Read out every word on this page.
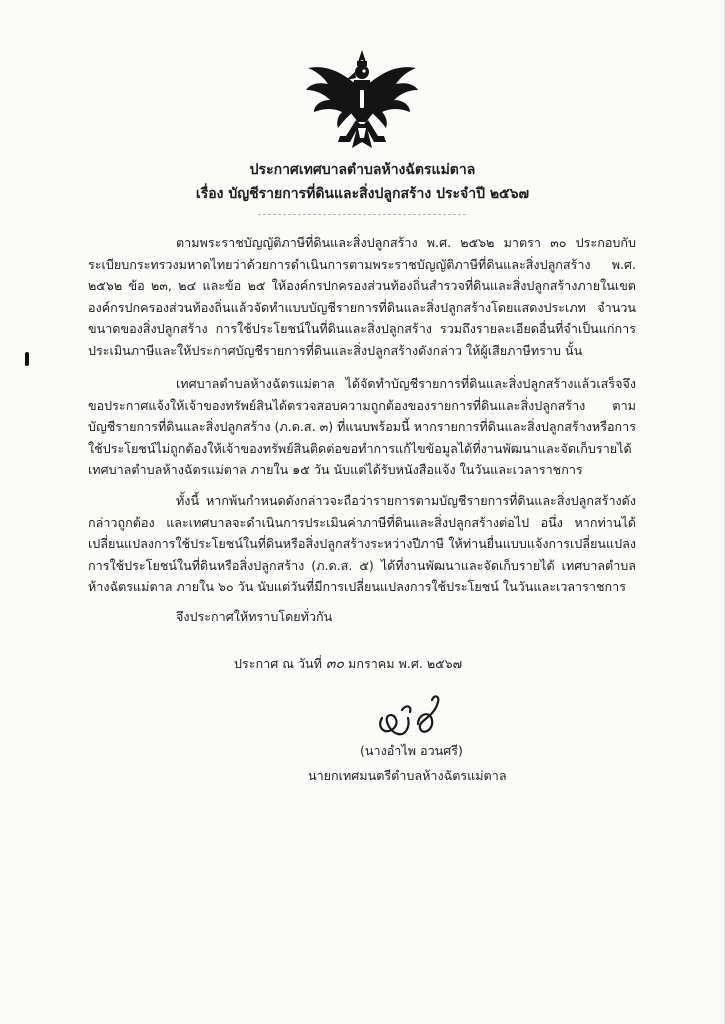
ประกาศเทศบาลตำบลห้างฉัตรแม่ตาล
เรื่อง บัญชีรายการที่ดินและสิ่งปลูกสร้าง ประจำปี ๒๕๖๗

ตามพระราชบัญญัติภาษีที่ดินและสิ่งปลูกสร้าง พ.ศ. ๒๕๖๒ มาตรา ๓๐ ประกอบกับระเบียบกระทรวงมหาดไทยว่าด้วยการดำเนินการตามพระราชบัญญัติภาษีที่ดินและสิ่งปลูกสร้าง พ.ศ. ๒๕๖๒ ข้อ ๒๓, ๒๔ และข้อ ๒๕ ให้องค์กรปกครองส่วนท้องถิ่นสำรวจที่ดินและสิ่งปลูกสร้างภายในเขตองค์กรปกครองส่วนท้องถิ่นแล้วจัดทำแบบบัญชีรายการที่ดินและสิ่งปลูกสร้างโดยแสดงประเภท จำนวน ขนาดของสิ่งปลูกสร้าง การใช้ประโยชน์ในที่ดินและสิ่งปลูกสร้าง รวมถึงรายละเอียดอื่นที่จำเป็นแก่การประเมินภาษีและให้ประกาศบัญชีรายการที่ดินและสิ่งปลูกสร้างดังกล่าว ให้ผู้เสียภาษีทราบ นั้น

เทศบาลตำบลห้างฉัตรแม่ตาล ได้จัดทำบัญชีรายการที่ดินและสิ่งปลูกสร้างแล้วเสร็จจึงขอประกาศแจ้งให้เจ้าของทรัพย์สินได้ตรวจสอบความถูกต้องของรายการที่ดินและสิ่งปลูกสร้าง ตามบัญชีรายการที่ดินและสิ่งปลูกสร้าง (ภ.ด.ส. ๓) ที่แนบพร้อมนี้ หากรายการที่ดินและสิ่งปลูกสร้างหรือการใช้ประโยชน์ไม่ถูกต้องให้เจ้าของทรัพย์สินติดต่อขอทำการแก้ไขข้อมูลได้ที่งานพัฒนาและจัดเก็บรายได้ เทศบาลตำบลห้างฉัตรแม่ตาล ภายใน ๑๕ วัน นับแต่ได้รับหนังสือแจ้ง ในวันและเวลาราชการ

ทั้งนี้ หากพ้นกำหนดดังกล่าวจะถือว่ารายการตามบัญชีรายการที่ดินและสิ่งปลูกสร้างดังกล่าวถูกต้อง และเทศบาลจะดำเนินการประเมินค่าภาษีที่ดินและสิ่งปลูกสร้างต่อไป อนึ่ง หากท่านได้เปลี่ยนแปลงการใช้ประโยชน์ในที่ดินหรือสิ่งปลูกสร้างระหว่างปีภาษี ให้ท่านยื่นแบบแจ้งการเปลี่ยนแปลงการใช้ประโยชน์ในที่ดินหรือสิ่งปลูกสร้าง (ภ.ด.ส. ๕) ได้ที่งานพัฒนาและจัดเก็บรายได้ เทศบาลตำบลห้างฉัตรแม่ตาล ภายใน ๖๐ วัน นับแต่วันที่มีการเปลี่ยนแปลงการใช้ประโยชน์ ในวันและเวลาราชการ

จึงประกาศให้ทราบโดยทั่วกัน
ประกาศ ณ วันที่ ๓๐ มกราคม พ.ศ. ๒๕๖๗
(นางอำไพ อวนศรี)
นายกเทศมนตรีตำบลห้างฉัตรแม่ตาล
